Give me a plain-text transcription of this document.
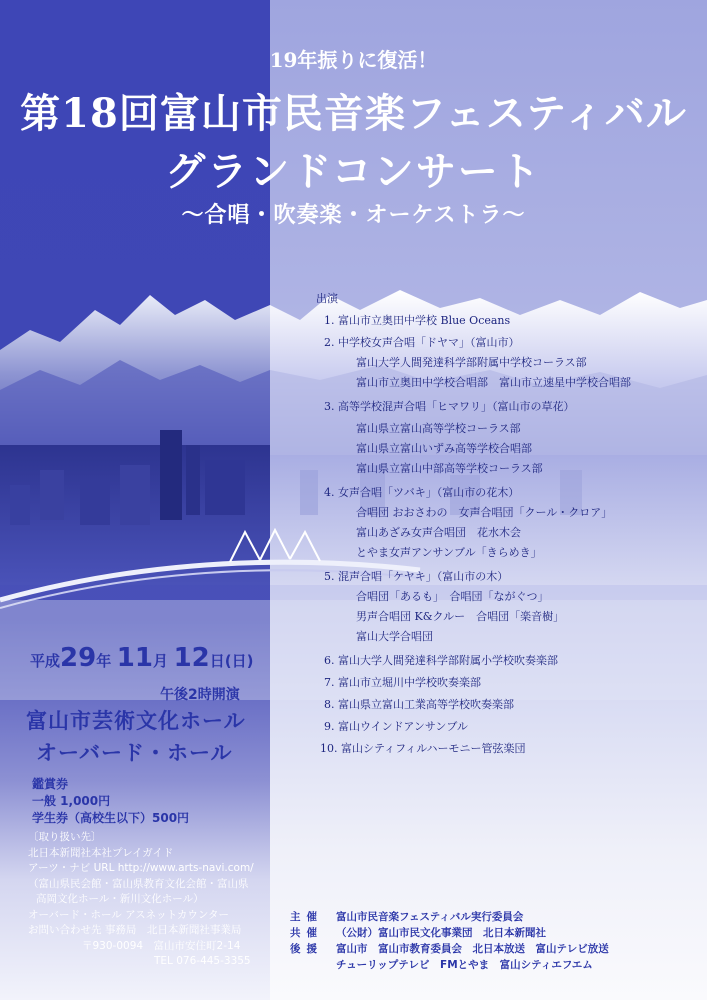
19年振りに復活！

第18回富山市民音楽フェスティバル

グランドコンサート

～合唱・吹奏楽・オーケストラ～

出演
1. 富山市立奥田中学校 Blue Oceans
2. 中学校女声合唱「ドヤマ」（富山市）
富山大学人間発達科学部附属中学校コーラス部
富山市立奥田中学校合唱部　富山市立速星中学校合唱部
3. 高等学校混声合唱「ヒマワリ」（富山市の草花）
富山県立富山高等学校コーラス部
富山県立富山いずみ高等学校合唱部
富山県立富山中部高等学校コーラス部
4. 女声合唱「ツバキ」（富山市の花木）
合唱団 おおさわの　女声合唱団「クール・クロア」
富山あざみ女声合唱団　花水木会
とやま女声アンサンブル「きらめき」
5. 混声合唱「ケヤキ」（富山市の木）
合唱団「あるも」　合唱団「ながぐつ」
男声合唱団 K&クルー　合唱団「楽音樹」
富山大学合唱団
6. 富山大学人間発達科学部附属小学校吹奏楽部
7. 富山市立堀川中学校吹奏楽部
8. 富山県立富山工業高等学校吹奏楽部
9. 富山ウインドアンサンブル
10. 富山シティフィルハーモニー管弦楽団
平成29年 11月 12日(日)
午後2時開演
富山市芸術文化ホール
オーバード・ホール
鑑賞券
一般 1,000円
学生券（高校生以下）500円
〔取り扱い先〕
北日本新聞社本社プレイガイド
アーツ・ナビ URL http://www.arts-navi.com/
（富山県民会館・富山県教育文化会館・富山県
高岡文化ホール・新川文化ホール）
オーバード・ホール アスネットカウンター
お問い合わせ先 事務局　北日本新聞社事業局
〒930-0094　富山市安住町2-14
TEL 076-445-3355
主催 富山市民音楽フェスティバル実行委員会
共催 （公財）富山市民文化事業団　北日本新聞社
後援 富山市　富山市教育委員会　北日本放送　富山テレビ放送
チューリップテレビ　FMとやま　富山シティエフエム
